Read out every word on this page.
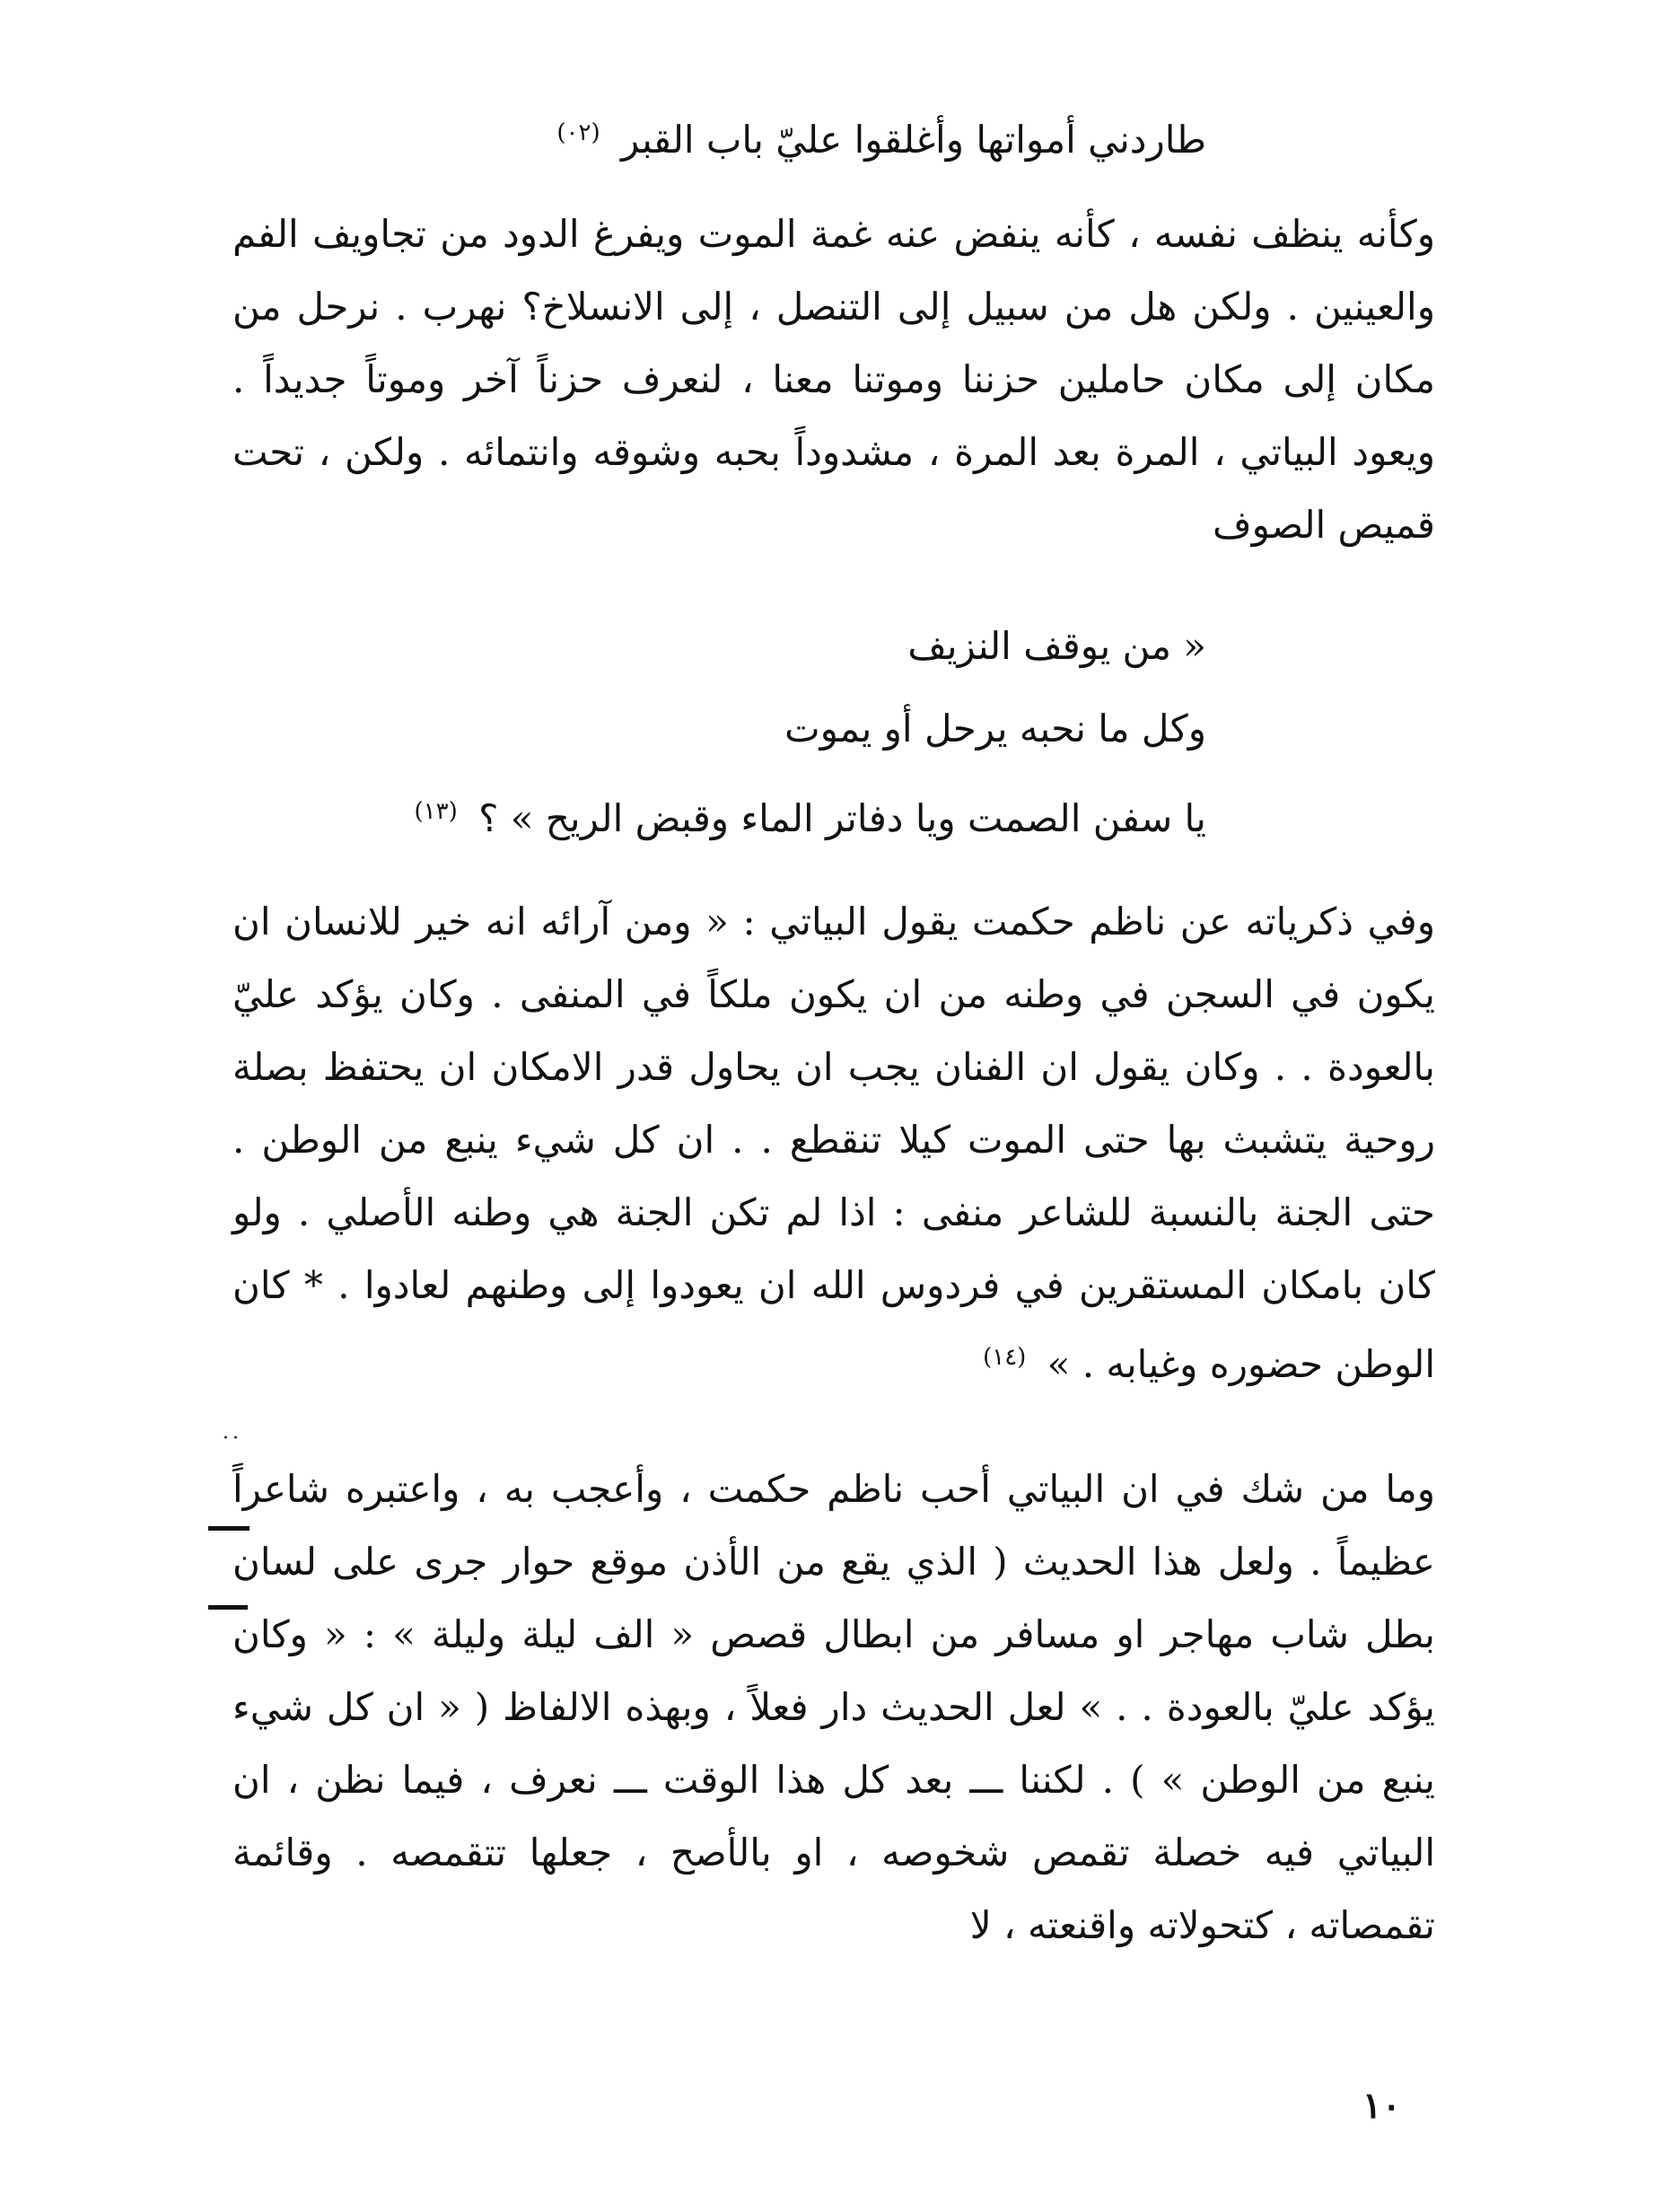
طاردني أمواتها وأغلقوا عليّ باب القبر $^{(٠٢)}$
وكأنه ينظف نفسه ، كأنه ينفض عنه غمة الموت ويفرغ الدود من تجاويف الفم والعينين . ولكن هل من سبيل إلى التنصل ، إلى الانسلاخ؟ نهرب . نرحل من مكان إلى مكان حاملين حزننا وموتنا معنا ، لنعرف حزناً آخر وموتاً جديداً . ويعود البياتي ، المرة بعد المرة ، مشدوداً بحبه وشوقه وانتمائه . ولكن ، تحت قميص الصوف
« من يوقف النزيف
وكل ما نحبه يرحل أو يموت
يا سفن الصمت ويا دفاتر الماء وقبض الريح » ؟ $^{(١٣)}$
وفي ذكرياته عن ناظم حكمت يقول البياتي : « ومن آرائه انه خير للانسان ان يكون في السجن في وطنه من ان يكون ملكاً في المنفى . وكان يؤكد عليّ بالعودة . . وكان يقول ان الفنان يجب ان يحاول قدر الامكان ان يحتفظ بصلة روحية يتشبث بها حتى الموت كيلا تنقطع . . ان كل شيء ينبع من الوطن . حتى الجنة بالنسبة للشاعر منفى : اذا لم تكن الجنة هي وطنه الأصلي . ولو كان بامكان المستقرين في فردوس الله ان يعودوا إلى وطنهم لعادوا . * كان الوطن حضوره وغيابه . » $^{(١٤)}$
وما من شك في ان البياتي أحب ناظم حكمت ، وأعجب به ، واعتبره شاعراً عظيماً . ولعل هذا الحديث ( الذي يقع من الأذن موقع حوار جرى على لسان بطل شاب مهاجر او مسافر من ابطال قصص « الف ليلة وليلة » : « وكان يؤكد عليّ بالعودة . . » لعل الحديث دار فعلاً ، وبهذه الالفاظ ( « ان كل شيء ينبع من الوطن » ) . لكننا ـــ بعد كل هذا الوقت ـــ نعرف ، فيما نظن ، ان البياتي فيه خصلة تقمص شخوصه ، او بالأصح ، جعلها تتقمصه . وقائمة تقمصاته ، كتحولاته واقنعته ، لا
··
١٠
